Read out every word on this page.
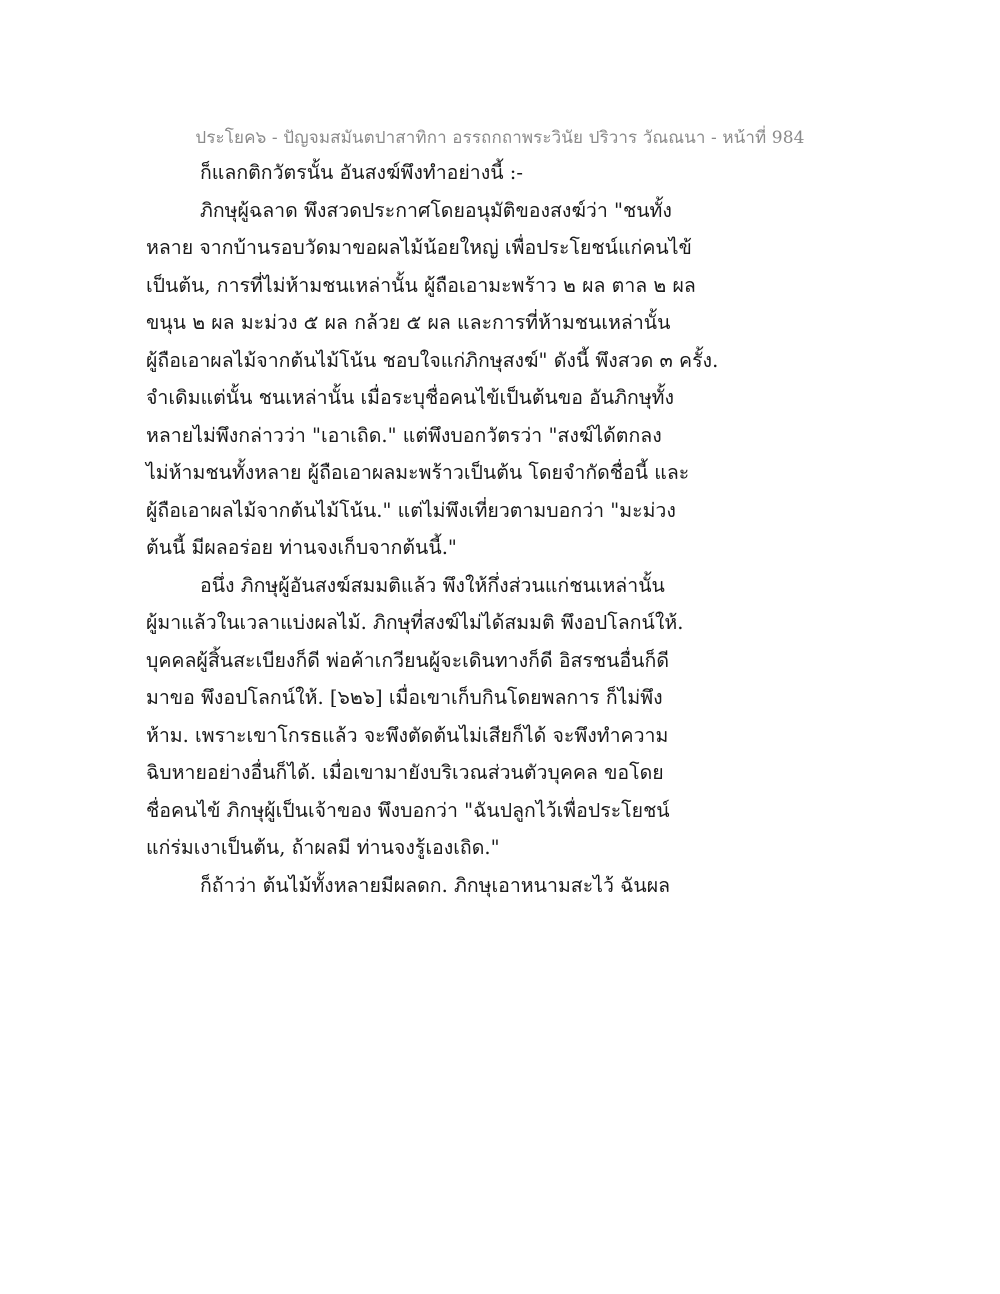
ประโยค๖ - ปัญจมสมันตปาสาทิกา อรรถกถาพระวินัย ปริวาร วัณณนา - หน้าที่ 984
ก็แลกติกวัตรนั้น อันสงฆ์พึงทำอย่างนี้ :-
ภิกษุผู้ฉลาด พึงสวดประกาศโดยอนุมัติของสงฆ์ว่า "ชนทั้ง
หลาย จากบ้านรอบวัดมาขอผลไม้น้อยใหญ่ เพื่อประโยชน์แก่คนไข้
เป็นต้น, การที่ไม่ห้ามชนเหล่านั้น ผู้ถือเอามะพร้าว ๒ ผล ตาล ๒ ผล
ขนุน ๒ ผล มะม่วง ๕ ผล กล้วย ๕ ผล และการที่ห้ามชนเหล่านั้น
ผู้ถือเอาผลไม้จากต้นไม้โน้น ชอบใจแก่ภิกษุสงฆ์" ดังนี้ พึงสวด ๓ ครั้ง.
จำเดิมแต่นั้น ชนเหล่านั้น เมื่อระบุชื่อคนไข้เป็นต้นขอ อันภิกษุทั้ง
หลายไม่พึงกล่าวว่า "เอาเถิด." แต่พึงบอกวัตรว่า "สงฆ์ได้ตกลง
ไม่ห้ามชนทั้งหลาย ผู้ถือเอาผลมะพร้าวเป็นต้น โดยจำกัดชื่อนี้ และ
ผู้ถือเอาผลไม้จากต้นไม้โน้น." แต่ไม่พึงเที่ยวตามบอกว่า "มะม่วง
ต้นนี้ มีผลอร่อย ท่านจงเก็บจากต้นนี้."
อนึ่ง ภิกษุผู้อันสงฆ์สมมติแล้ว พึงให้กึ่งส่วนแก่ชนเหล่านั้น
ผู้มาแล้วในเวลาแบ่งผลไม้. ภิกษุที่สงฆ์ไม่ได้สมมติ พึงอปโลกน์ให้.
บุคคลผู้สิ้นสะเบียงก็ดี พ่อค้าเกวียนผู้จะเดินทางก็ดี อิสรชนอื่นก็ดี
มาขอ พึงอปโลกน์ให้. [๖๒๖] เมื่อเขาเก็บกินโดยพลการ ก็ไม่พึง
ห้าม. เพราะเขาโกรธแล้ว จะพึงตัดต้นไม่เสียก็ได้ จะพึงทำความ
ฉิบหายอย่างอื่นก็ได้. เมื่อเขามายังบริเวณส่วนตัวบุคคล ขอโดย
ชื่อคนไข้ ภิกษุผู้เป็นเจ้าของ พึงบอกว่า "ฉันปลูกไว้เพื่อประโยชน์
แก่ร่มเงาเป็นต้น, ถ้าผลมี ท่านจงรู้เองเถิด."
ก็ถ้าว่า ต้นไม้ทั้งหลายมีผลดก. ภิกษุเอาหนามสะไว้ ฉันผล
